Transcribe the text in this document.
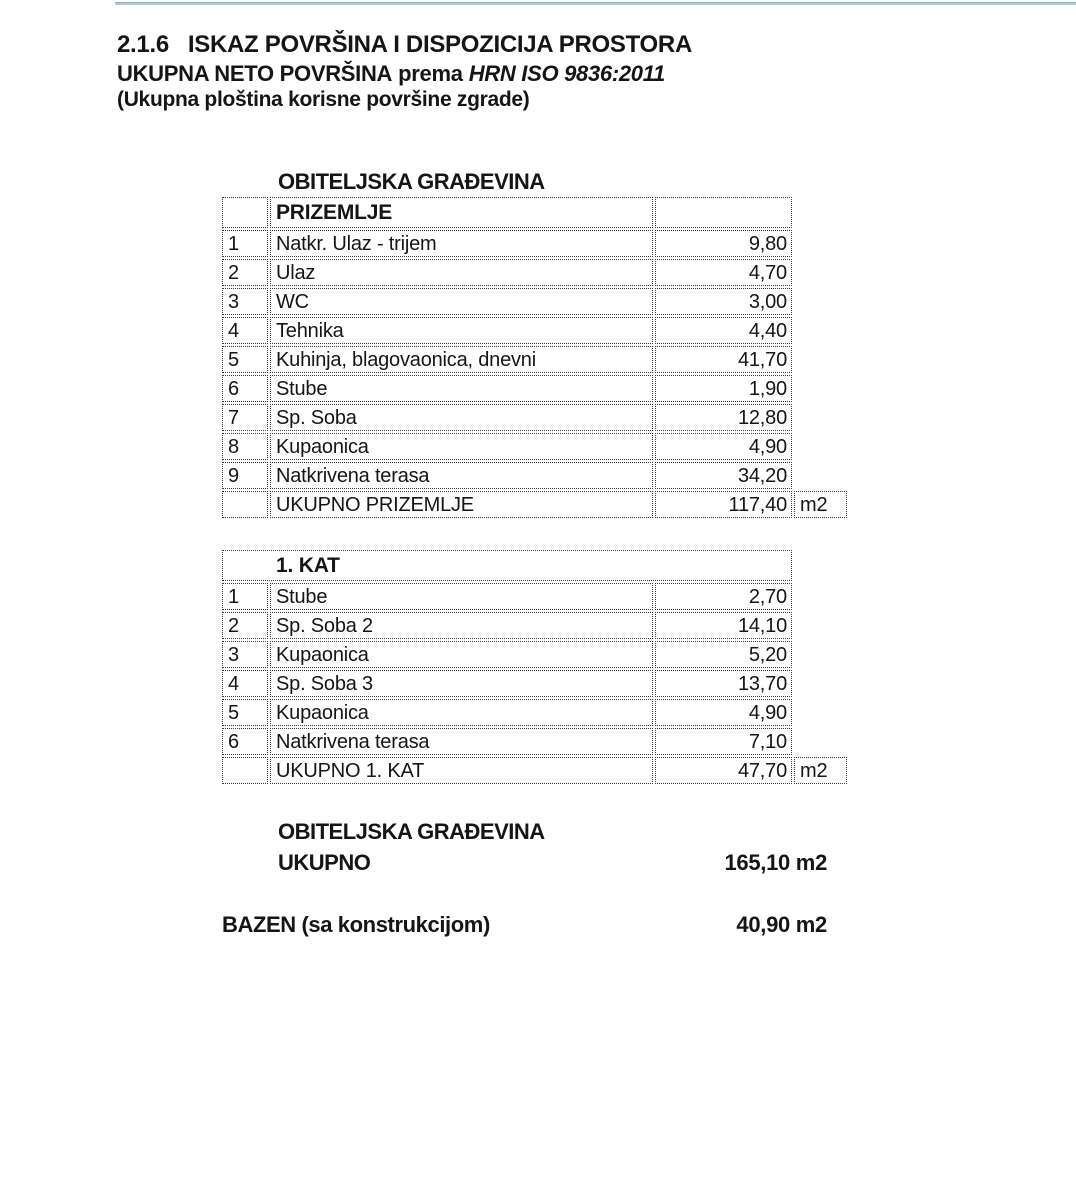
2.1.6 ISKAZ POVRŠINA I DISPOZICIJA PROSTORA
UKUPNA NETO POVRŠINA prema HRN ISO 9836:2011
(Ukupna ploština korisne površine zgrade)
OBITELJSKA GRAĐEVINA
	PRIZEMLJE		
1	Natkr. Ulaz - trijem	9,80	
2	Ulaz	4,70	
3	WC	3,00	
4	Tehnika	4,40	
5	Kuhinja, blagovaonica, dnevni	41,70	
6	Stube	1,90	
7	Sp. Soba	12,80	
8	Kupaonica	4,90	
9	Natkrivena terasa	34,20	
	UKUPNO PRIZEMLJE	117,40	m2
1. KAT			
1	Stube	2,70	
2	Sp. Soba 2	14,10	
3	Kupaonica	5,20	
4	Sp. Soba 3	13,70	
5	Kupaonica	4,90	
6	Natkrivena terasa	7,10	
	UKUPNO 1. KAT	47,70	m2
OBITELJSKA GRAĐEVINA
UKUPNO	165,10 m2
BAZEN (sa konstrukcijom)	40,90 m2
